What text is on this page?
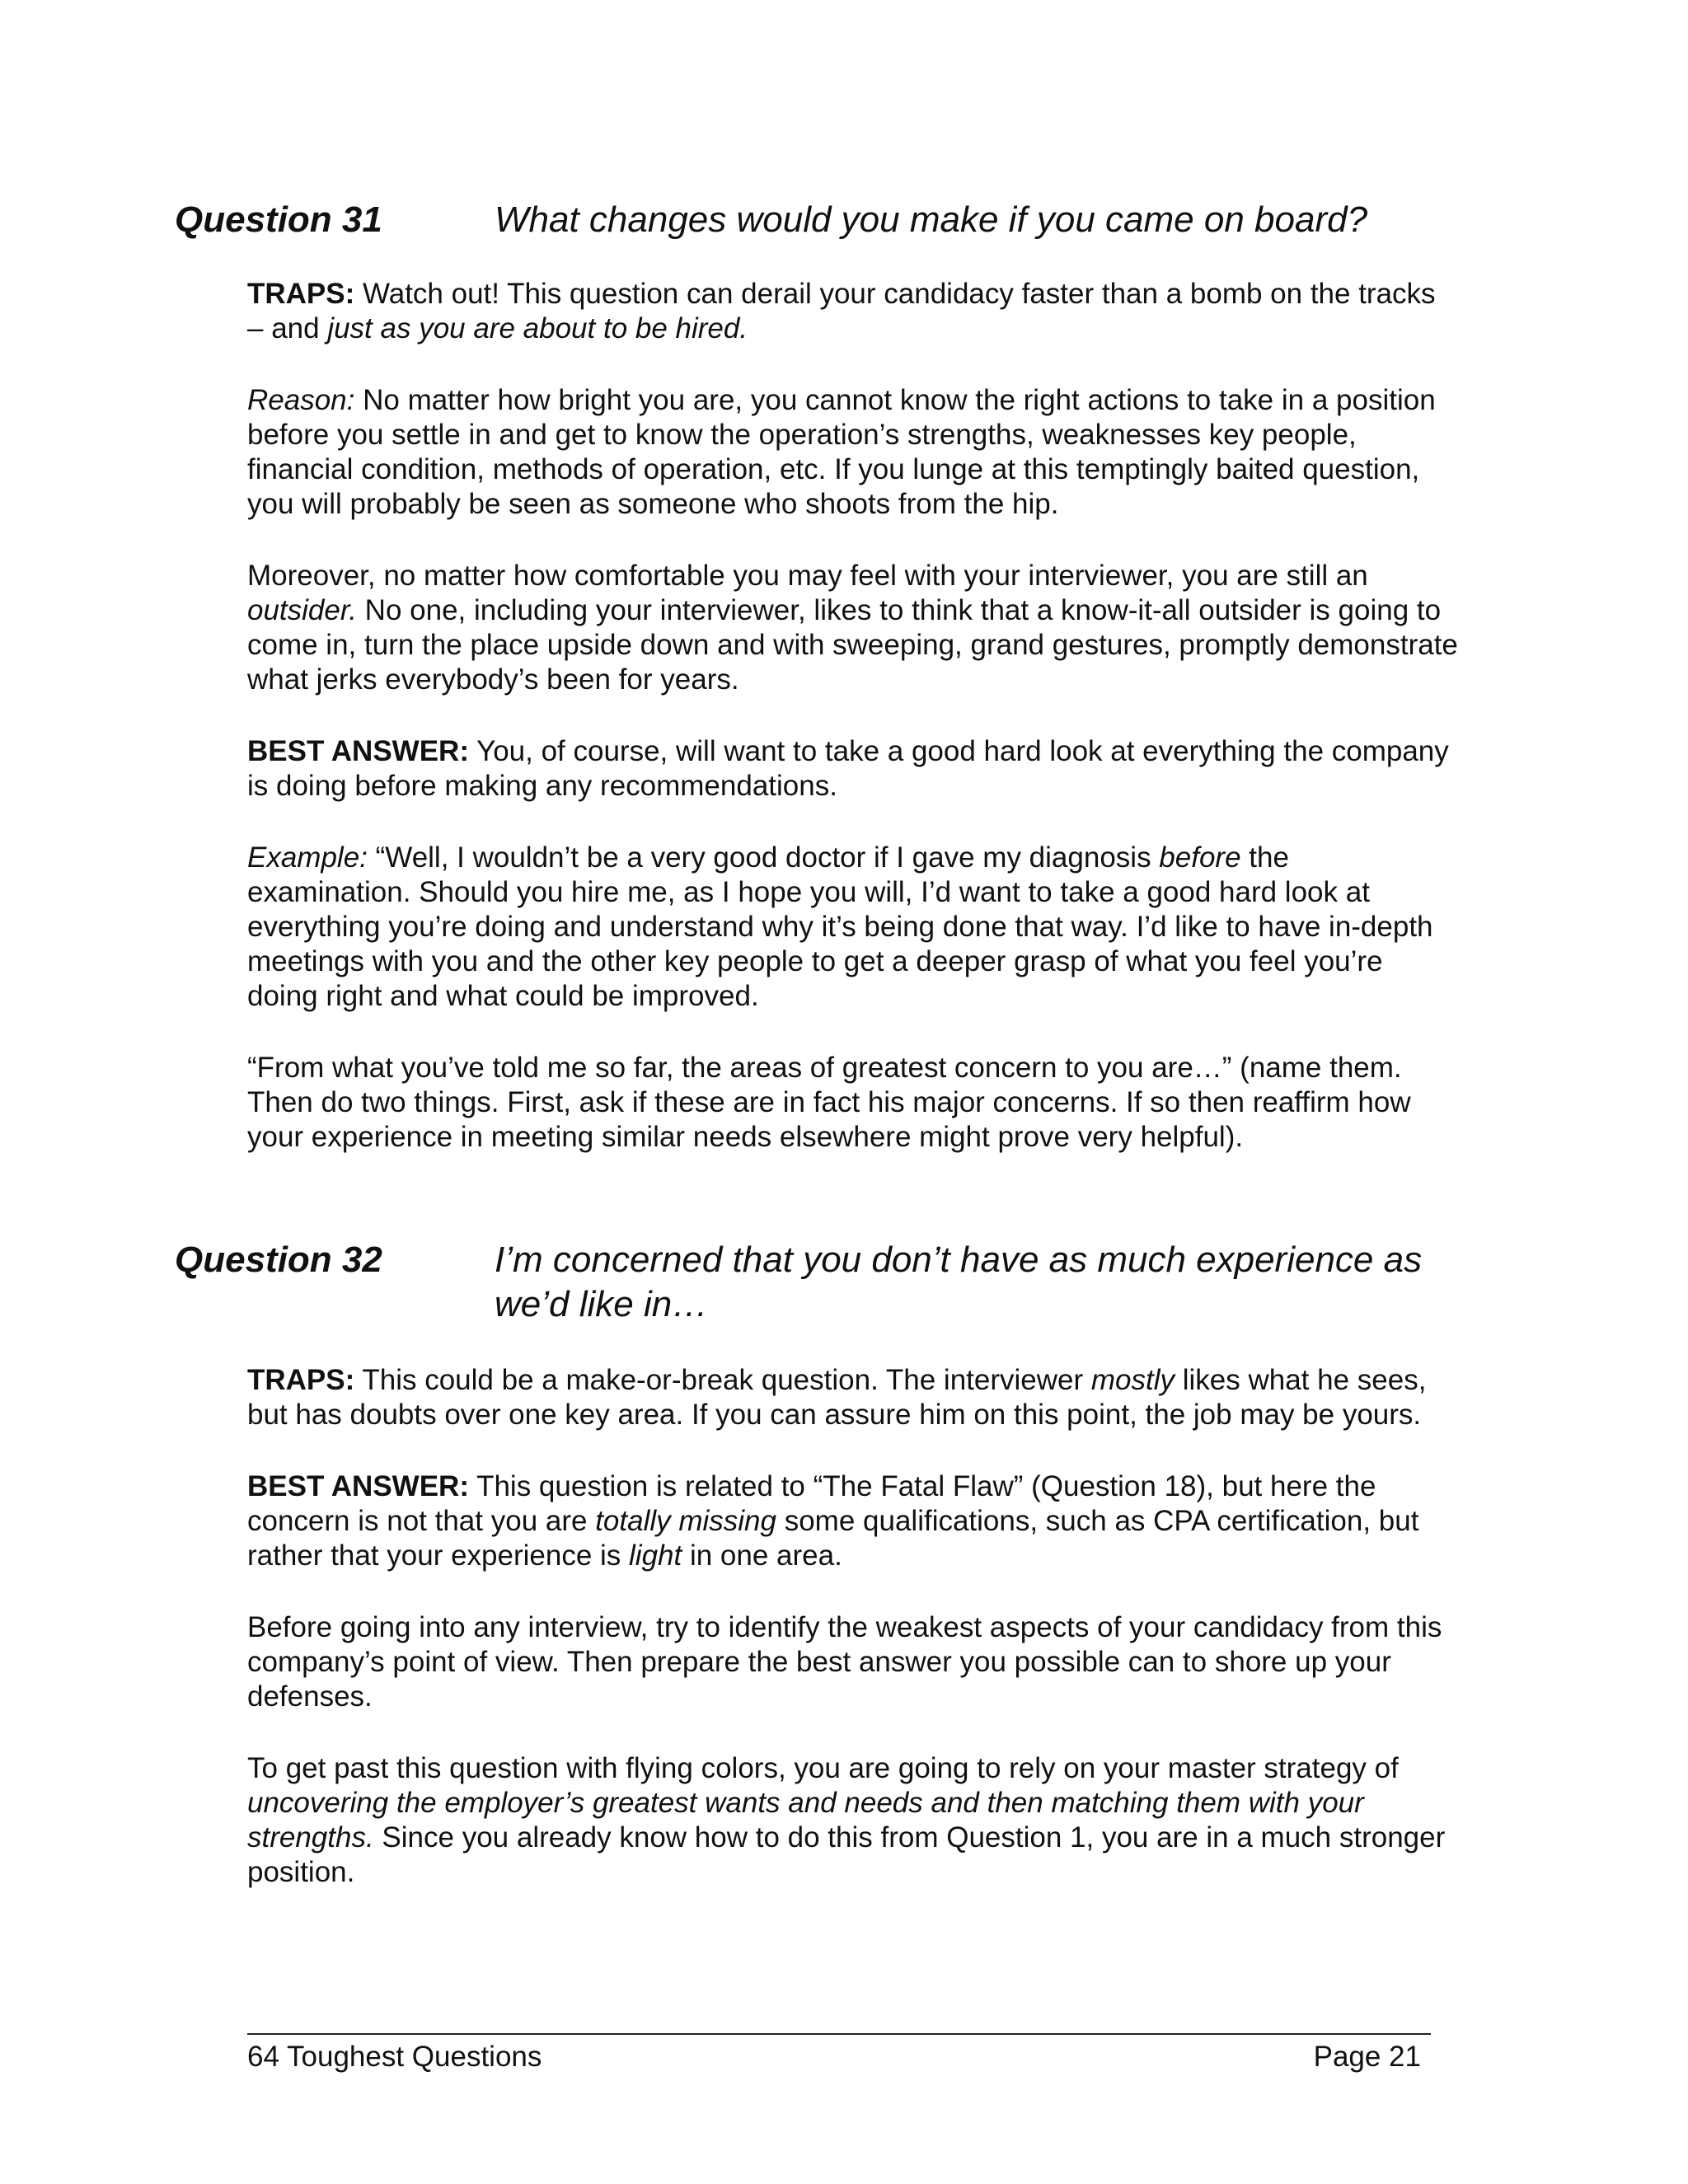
Question 31	What changes would you make if you came on board?

TRAPS: Watch out! This question can derail your candidacy faster than a bomb on the tracks – and just as you are about to be hired.

Reason: No matter how bright you are, you cannot know the right actions to take in a position before you settle in and get to know the operation’s strengths, weaknesses key people, financial condition, methods of operation, etc. If you lunge at this temptingly baited question, you will probably be seen as someone who shoots from the hip.

Moreover, no matter how comfortable you may feel with your interviewer, you are still an outsider. No one, including your interviewer, likes to think that a know-it-all outsider is going to come in, turn the place upside down and with sweeping, grand gestures, promptly demonstrate what jerks everybody’s been for years.

BEST ANSWER: You, of course, will want to take a good hard look at everything the company is doing before making any recommendations.

Example: “Well, I wouldn’t be a very good doctor if I gave my diagnosis before the examination. Should you hire me, as I hope you will, I’d want to take a good hard look at everything you’re doing and understand why it’s being done that way. I’d like to have in-depth meetings with you and the other key people to get a deeper grasp of what you feel you’re doing right and what could be improved.

“From what you’ve told me so far, the areas of greatest concern to you are…” (name them. Then do two things. First, ask if these are in fact his major concerns. If so then reaffirm how your experience in meeting similar needs elsewhere might prove very helpful).

Question 32	I’m concerned that you don’t have as much experience as we’d like in…

TRAPS: This could be a make-or-break question. The interviewer mostly likes what he sees, but has doubts over one key area. If you can assure him on this point, the job may be yours.

BEST ANSWER: This question is related to “The Fatal Flaw” (Question 18), but here the concern is not that you are totally missing some qualifications, such as CPA certification, but rather that your experience is light in one area.

Before going into any interview, try to identify the weakest aspects of your candidacy from this company’s point of view. Then prepare the best answer you possible can to shore up your defenses.

To get past this question with flying colors, you are going to rely on your master strategy of uncovering the employer’s greatest wants and needs and then matching them with your strengths. Since you already know how to do this from Question 1, you are in a much stronger position.

64 Toughest Questions	Page 21
